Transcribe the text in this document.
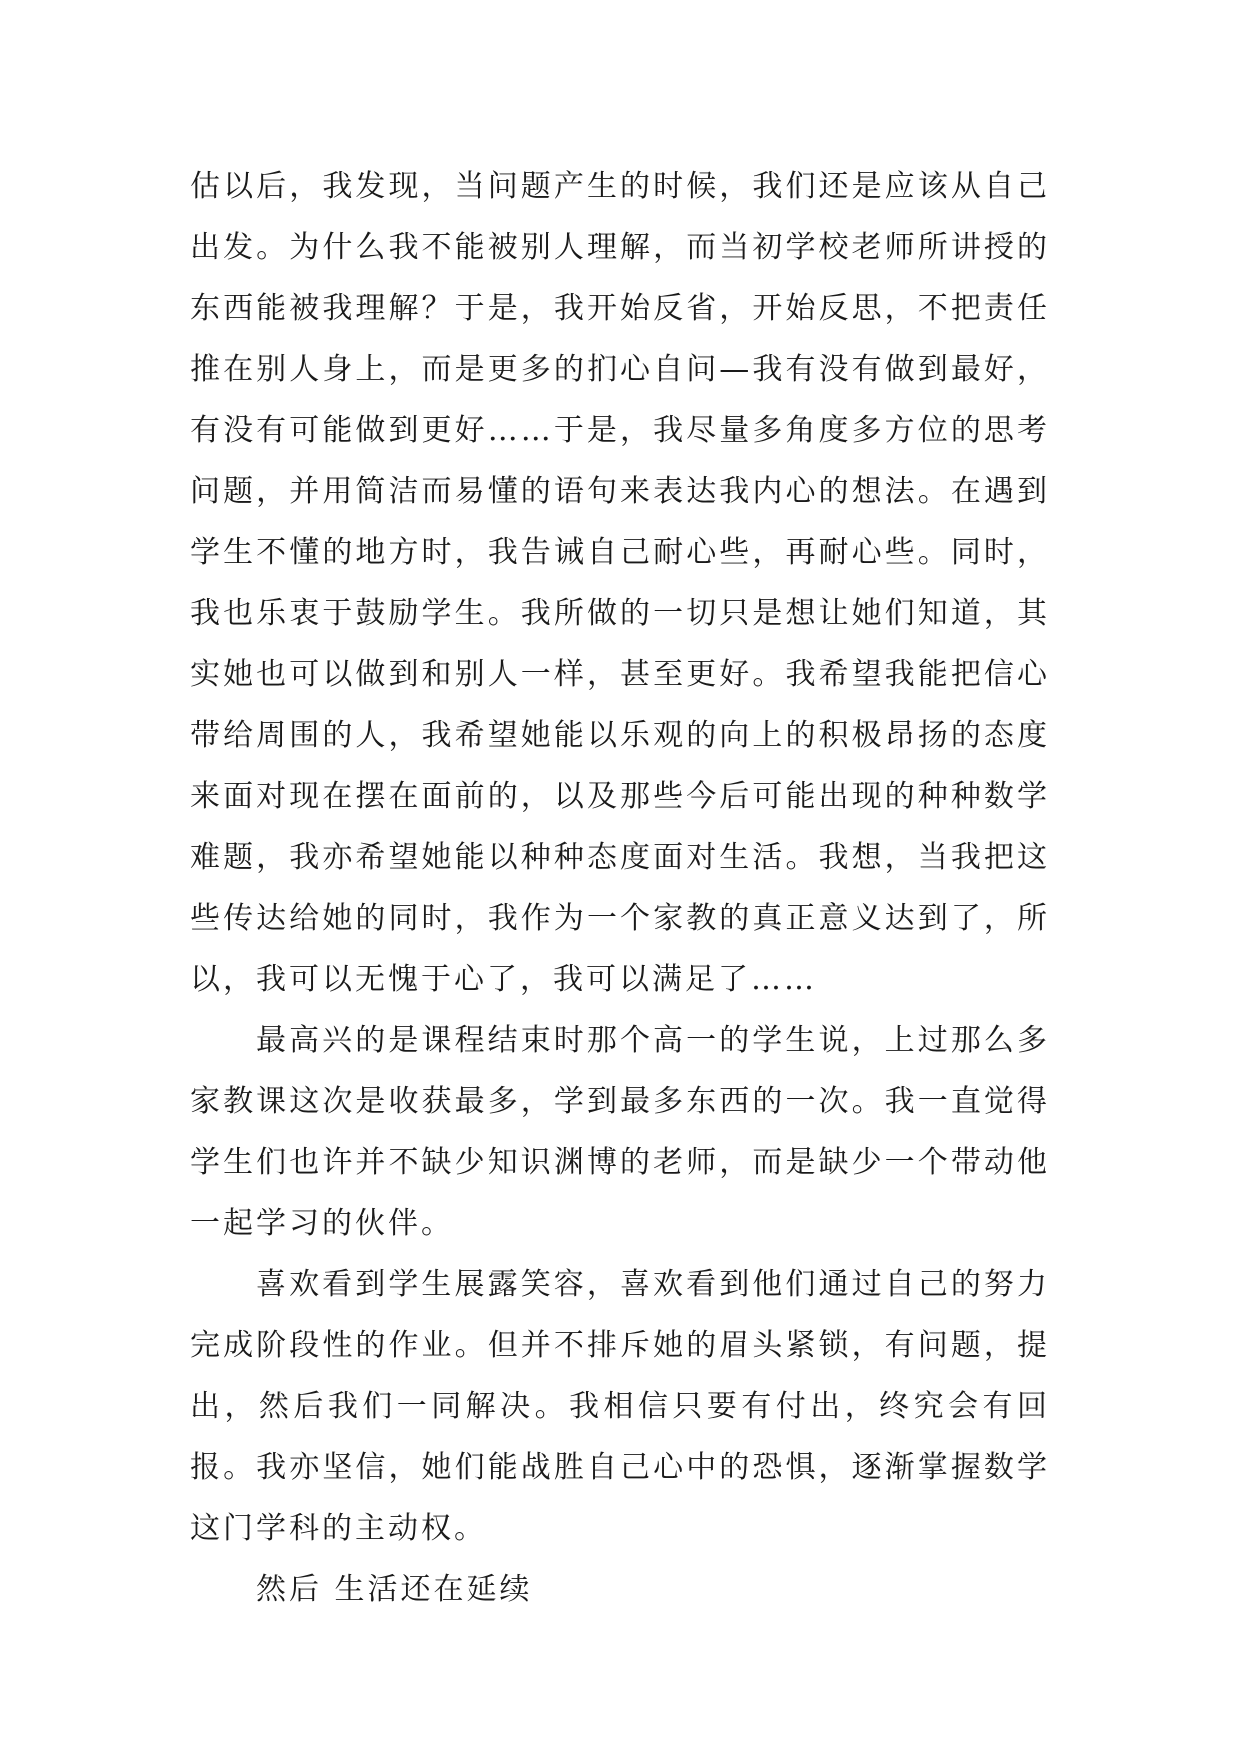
估以后，我发现，当问题产生的时候，我们还是应该从自己出发。为什么我不能被别人理解，而当初学校老师所讲授的东西能被我理解？于是，我开始反省，开始反思，不把责任推在别人身上，而是更多的扪心自问—我有没有做到最好，有没有可能做到更好……于是，我尽量多角度多方位的思考问题，并用简洁而易懂的语句来表达我内心的想法。在遇到学生不懂的地方时，我告诫自己耐心些，再耐心些。同时，我也乐衷于鼓励学生。我所做的一切只是想让她们知道，其实她也可以做到和别人一样，甚至更好。我希望我能把信心带给周围的人，我希望她能以乐观的向上的积极昂扬的态度来面对现在摆在面前的，以及那些今后可能出现的种种数学难题，我亦希望她能以种种态度面对生活。我想，当我把这些传达给她的同时，我作为一个家教的真正意义达到了，所以，我可以无愧于心了，我可以满足了……

最高兴的是课程结束时那个高一的学生说，上过那么多家教课这次是收获最多，学到最多东西的一次。我一直觉得学生们也许并不缺少知识渊博的老师，而是缺少一个带动他一起学习的伙伴。

喜欢看到学生展露笑容，喜欢看到他们通过自己的努力完成阶段性的作业。但并不排斥她的眉头紧锁，有问题，提出，然后我们一同解决。我相信只要有付出，终究会有回报。我亦坚信，她们能战胜自己心中的恐惧，逐渐掌握数学这门学科的主动权。

然后 生活还在延续
